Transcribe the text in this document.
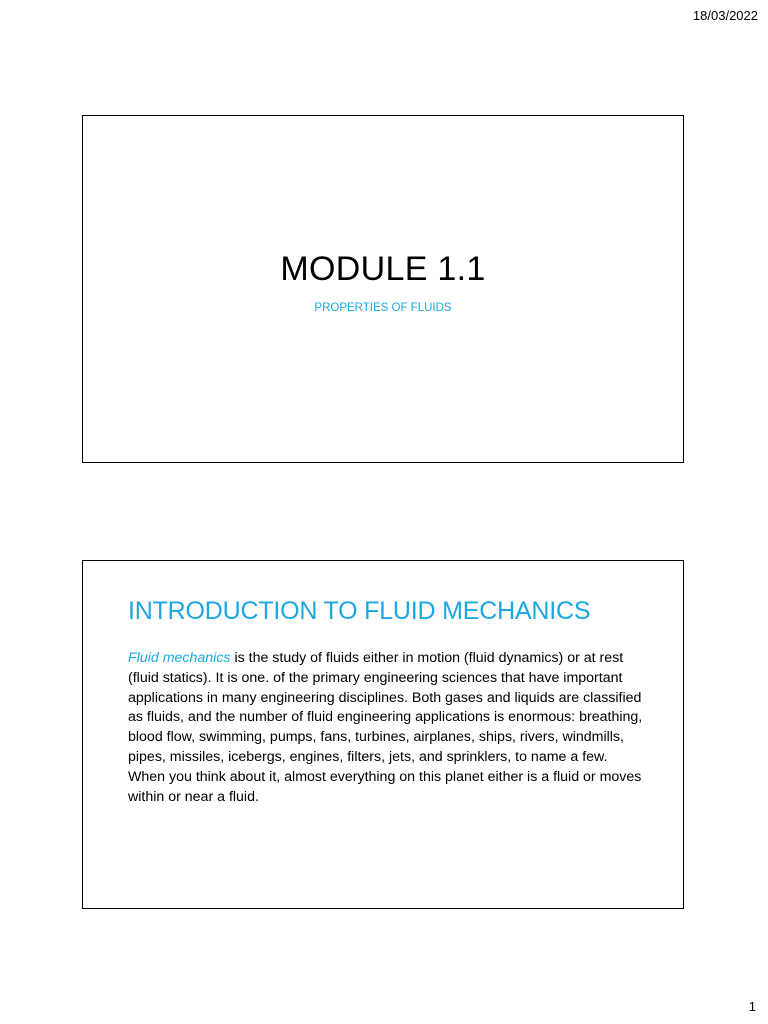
18/03/2022
MODULE 1.1

PROPERTIES OF FLUIDS

INTRODUCTION TO FLUID MECHANICS

Fluid mechanics is the study of fluids either in motion (fluid dynamics) or at rest (fluid statics). It is one. of the primary engineering sciences that have important applications in many engineering disciplines. Both gases and liquids are classified as fluids, and the number of fluid engineering applications is enormous: breathing, blood flow, swimming, pumps, fans, turbines, airplanes, ships, rivers, windmills, pipes, missiles, icebergs, engines, filters, jets, and sprinklers, to name a few. When you think about it, almost everything on this planet either is a fluid or moves within or near a fluid.

1
